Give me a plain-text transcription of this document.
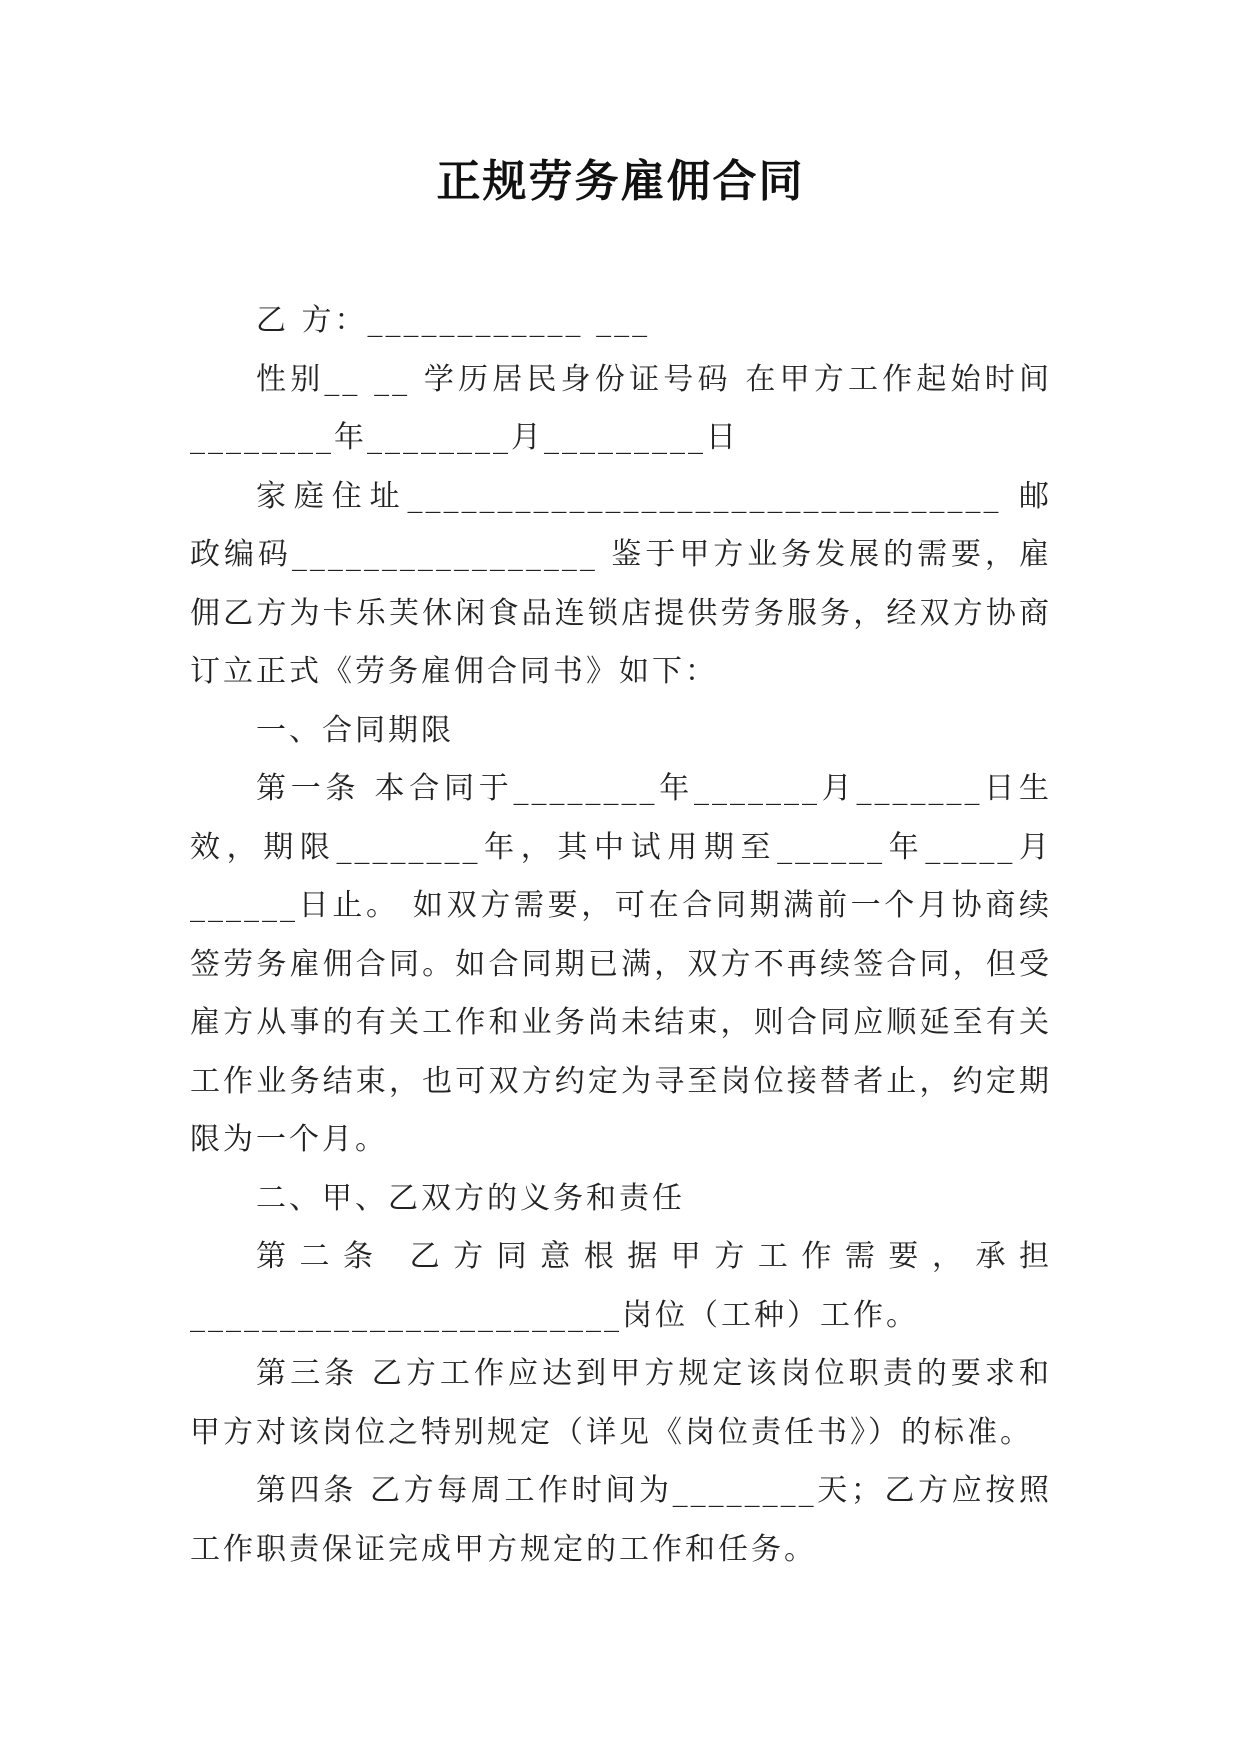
正规劳务雇佣合同

乙 方：____________ ___

性别__ __ 学历居民身份证号码 在甲方工作起始时间 ________年________月_________日

家庭住址_________________________________ 邮政编码_________________ 鉴于甲方业务发展的需要，雇佣乙方为卡乐芙休闲食品连锁店提供劳务服务，经双方协商订立正式《劳务雇佣合同书》如下：

一、合同期限

第一条 本合同于________年_______月_______日生效，期限________年，其中试用期至______年_____月______日止。 如双方需要，可在合同期满前一个月协商续签劳务雇佣合同。如合同期已满，双方不再续签合同，但受雇方从事的有关工作和业务尚未结束，则合同应顺延至有关工作业务结束，也可双方约定为寻至岗位接替者止，约定期限为一个月。

二、甲、乙双方的义务和责任

第二条 乙方同意根据甲方工作需要，承担________________________岗位（工种）工作。

第三条 乙方工作应达到甲方规定该岗位职责的要求和甲方对该岗位之特别规定（详见《岗位责任书》）的标准。

第四条 乙方每周工作时间为________天；乙方应按照工作职责保证完成甲方规定的工作和任务。
